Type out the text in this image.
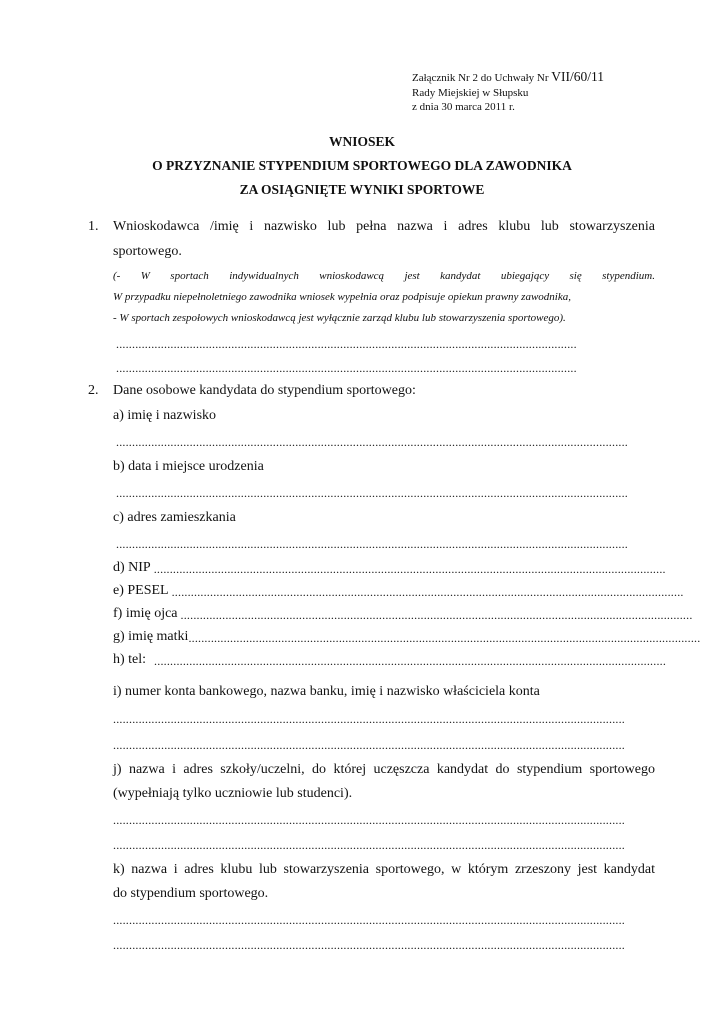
Załącznik Nr 2 do Uchwały Nr VII/60/11
Rady Miejskiej w Słupsku
z dnia 30 marca 2011 r.
WNIOSEK
O PRZYZNANIE STYPENDIUM SPORTOWEGO DLA ZAWODNIKA
ZA OSIĄGNIĘTE WYNIKI SPORTOWE
1. Wnioskodawca /imię i nazwisko lub pełna nazwa i adres klubu lub stowarzyszenia
sportowego.
(- W sportach indywidualnych wnioskodawcą jest kandydat ubiegający się stypendium.
W przypadku niepełnoletniego zawodnika wniosek wypełnia oraz podpisuje opiekun prawny zawodnika,
- W sportach zespołowych wnioskodawcą jest wyłącznie zarząd klubu lub stowarzyszenia sportowego).
................................................................................................................................................
................................................................................................................................................
2. Dane osobowe kandydata do stypendium sportowego:
a) imię i nazwisko
................................................................................................................................................................
b) data i miejsce urodzenia
................................................................................................................................................................
c) adres zamieszkania
................................................................................................................................................................
d) NIP ................................................................................................................................................................
e) PESEL ................................................................................................................................................................
f) imię ojca ................................................................................................................................................................
g) imię matki ................................................................................................................................................................
h) tel: ................................................................................................................................................................
i) numer konta bankowego, nazwa banku, imię i nazwisko właściciela konta
................................................................................................................................................................
................................................................................................................................................................
j) nazwa i adres szkoły/uczelni, do której uczęszcza kandydat do stypendium sportowego
(wypełniają tylko uczniowie lub studenci).
................................................................................................................................................................
................................................................................................................................................................
k) nazwa i adres klubu lub stowarzyszenia sportowego, w którym zrzeszony jest kandydat
do stypendium sportowego.
................................................................................................................................................................
................................................................................................................................................................
